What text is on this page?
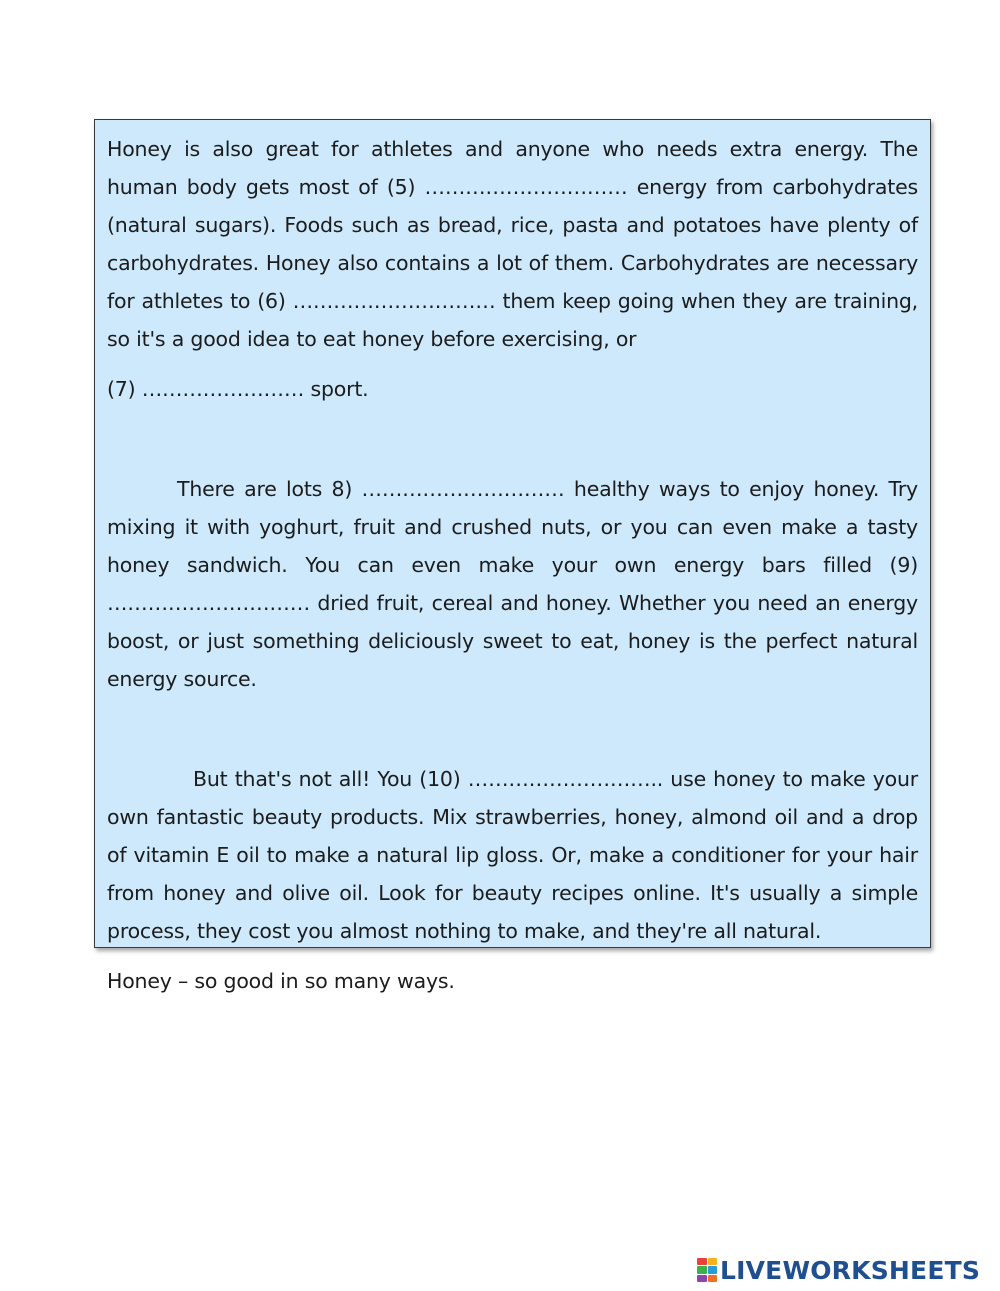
Honey is also great for athletes and anyone who needs extra energy. The human body gets most of (5) ………………………… energy from carbohydrates (natural sugars). Foods such as bread, rice, pasta and potatoes have plenty of carbohydrates. Honey also contains a lot of them. Carbohydrates are necessary for athletes to (6) ………………………… them keep going when they are training, so it's a good idea to eat honey before exercising, or

(7) …………………… sport.

There are lots 8) ………………………… healthy ways to enjoy honey. Try mixing it with yoghurt, fruit and crushed nuts, or you can even make a tasty honey sandwich. You can even make your own energy bars filled (9) ………………………… dried fruit, cereal and honey. Whether you need an energy boost, or just something deliciously sweet to eat, honey is the perfect natural energy source.

But that's not all! You (10) ……………………….. use honey to make your own fantastic beauty products. Mix strawberries, honey, almond oil and a drop of vitamin E oil to make a natural lip gloss. Or, make a conditioner for your hair from honey and olive oil. Look for beauty recipes online. It's usually a simple process, they cost you almost nothing to make, and they're all natural.

Honey – so good in so many ways.

LIVEWORKSHEETS
